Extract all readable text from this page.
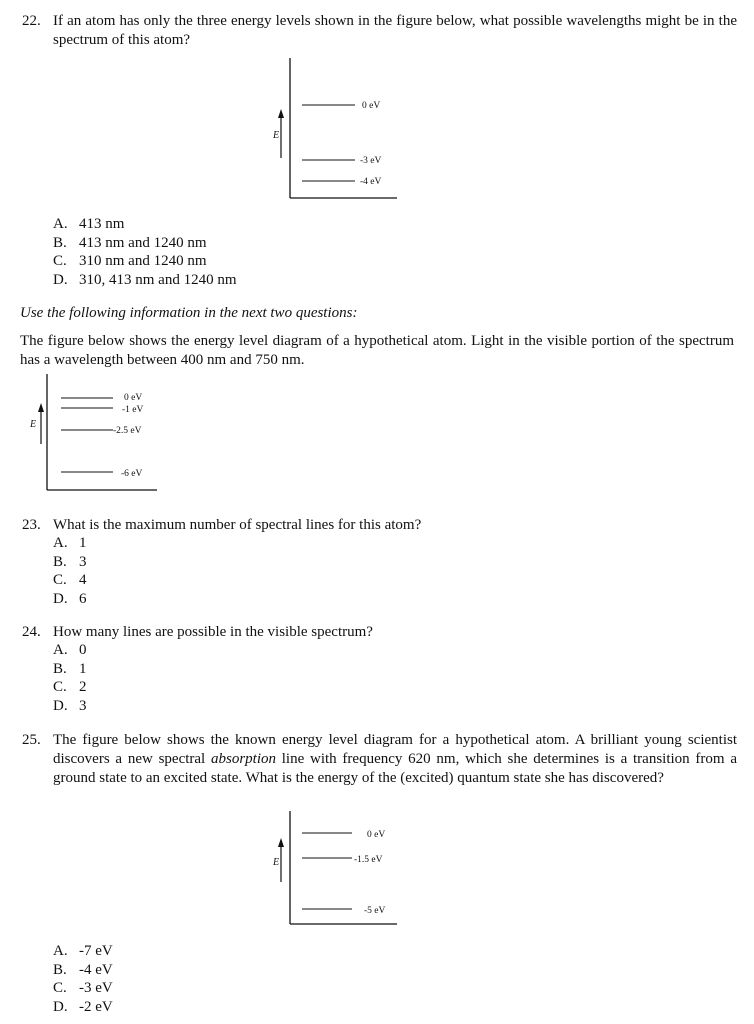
22. If an atom has only the three energy levels shown in the figure below, what possible wavelengths might be in the spectrum of this atom?
E
0 eV
-3 eV
-4 eV
A. 413 nm
B. 413 nm and 1240 nm
C. 310 nm and 1240 nm
D. 310, 413 nm and 1240 nm
Use the following information in the next two questions:
The figure below shows the energy level diagram of a hypothetical atom. Light in the visible portion of the spectrum has a wavelength between 400 nm and 750 nm.
E
0 eV
-1 eV
-2.5 eV
-6 eV
23. What is the maximum number of spectral lines for this atom?
A. 1
B. 3
C. 4
D. 6
24. How many lines are possible in the visible spectrum?
A. 0
B. 1
C. 2
D. 3
25. The figure below shows the known energy level diagram for a hypothetical atom. A brilliant young scientist discovers a new spectral absorption line with frequency 620 nm, which she determines is a transition from a ground state to an excited state. What is the energy of the (excited) quantum state she has discovered?
E
0 eV
-1.5 eV
-5 eV
A. -7 eV
B. -4 eV
C. -3 eV
D. -2 eV
